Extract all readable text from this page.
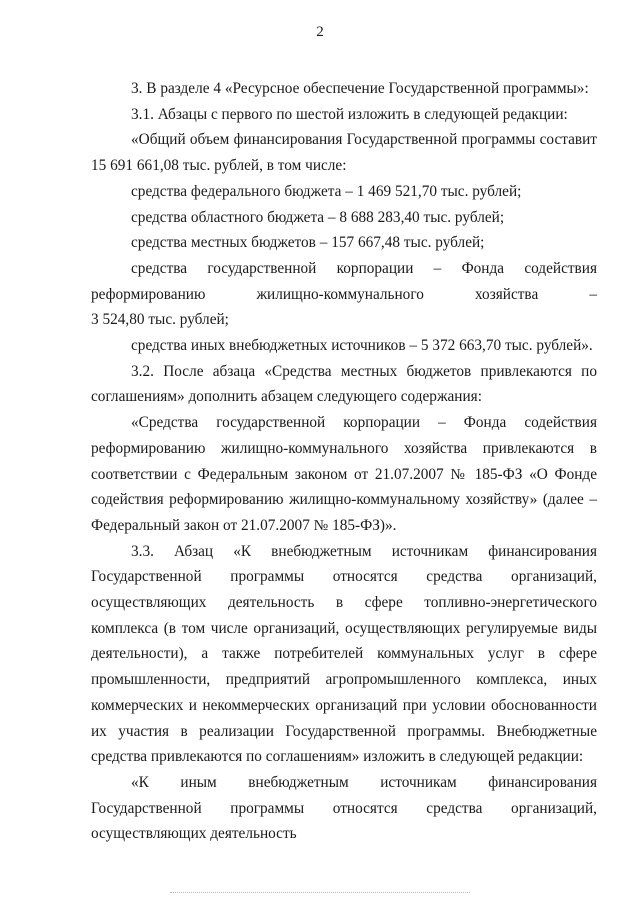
2

3. В разделе 4 «Ресурсное обеспечение Государственной программы»:

3.1. Абзацы с первого по шестой изложить в следующей редакции:

«Общий объем финансирования Государственной программы составит 15 691 661,08 тыс. рублей, в том числе:

средства федерального бюджета – 1 469 521,70 тыс. рублей;

средства областного бюджета – 8 688 283,40 тыс. рублей;

средства местных бюджетов – 157 667,48 тыс. рублей;

средства государственной корпорации – Фонда содействия реформированию жилищно-коммунального хозяйства –

3 524,80 тыс. рублей;

средства иных внебюджетных источников – 5 372 663,70 тыс. рублей».

3.2. После абзаца «Средства местных бюджетов привлекаются по соглашениям» дополнить абзацем следующего содержания:

«Средства государственной корпорации – Фонда содействия реформированию жилищно-коммунального хозяйства привлекаются в соответствии с Федеральным законом от 21.07.2007 № 185-ФЗ «О Фонде содействия реформированию жилищно-коммунальному хозяйству» (далее – Федеральный закон от 21.07.2007 № 185-ФЗ)».

3.3. Абзац «К внебюджетным источникам финансирования Государственной программы относятся средства организаций, осуществляющих деятельность в сфере топливно-энергетического комплекса (в том числе организаций, осуществляющих регулируемые виды деятельности), а также потребителей коммунальных услуг в сфере промышленности, предприятий агропромышленного комплекса, иных коммерческих и некоммерческих организаций при условии обоснованности их участия в реализации Государственной программы. Внебюджетные средства привлекаются по соглашениям» изложить в следующей редакции:

«К иным внебюджетным источникам финансирования Государственной программы относятся средства организаций, осуществляющих деятельность
